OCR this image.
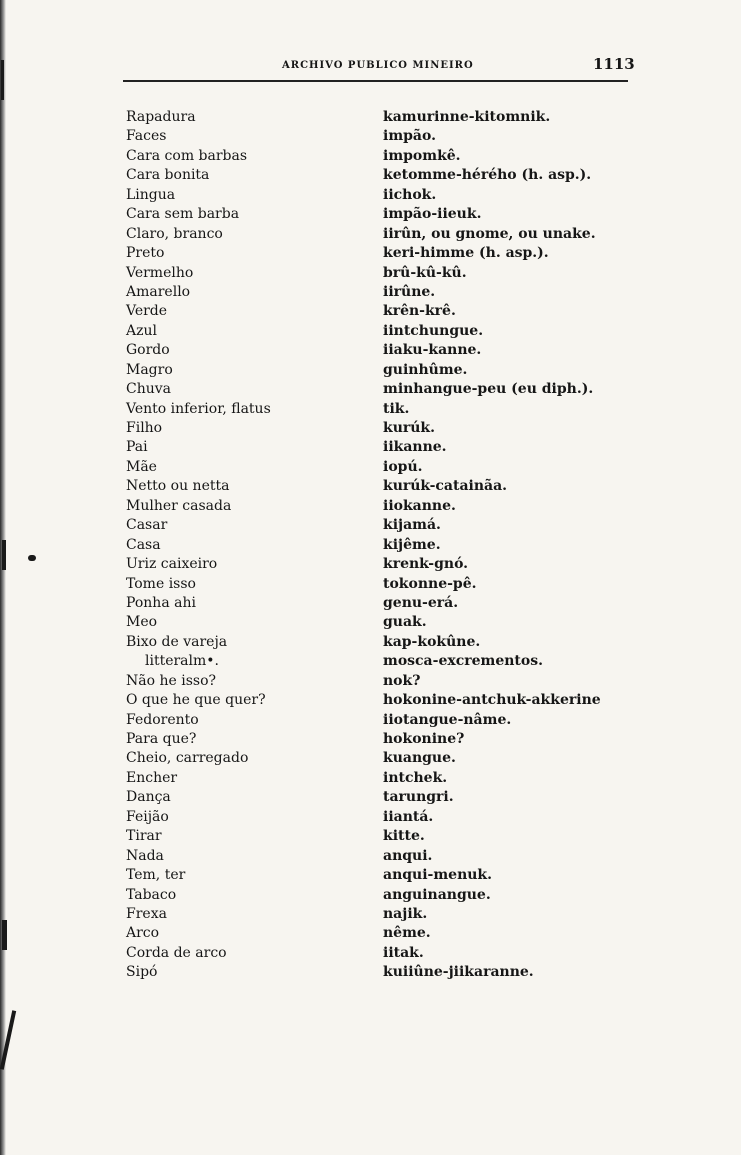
ARCHIVO PUBLICO MINEIRO	1113
Rapadura	kamurinne-kitomnik.
Faces	impão.
Cara com barbas	impomkê.
Cara bonita	ketomme-hérého (h. asp.).
Lingua	iichok.
Cara sem barba	impão-iieuk.
Claro, branco	iirûn, ou gnome, ou unake.
Preto	keri-himme (h. asp.).
Vermelho	brû-kû-kû.
Amarello	iirûne.
Verde	krên-krê.
Azul	iintchungue.
Gordo	iiaku-kanne.
Magro	guinhûme.
Chuva	minhangue-peu (eu diph.).
Vento inferior, flatus	tik.
Filho	kurúk.
Pai	iikanne.
Mãe	iopú.
Netto ou netta	kurúk-catainãa.
Mulher casada	iiokanne.
Casar	kijamá.
Casa	kijême.
Uriz caixeiro	krenk-gnó.
Tome isso	tokonne-pê.
Ponha ahi	genu-erá.
Meo	guak.
Bixo de vareja	kap-kokûne.
litteralm•.	mosca-excrementos.
Não he isso?	nok?
O que he que quer?	hokonine-antchuk-akkerine
Fedorento	iiotangue-nâme.
Para que?	hokonine?
Cheio, carregado	kuangue.
Encher	intchek.
Dança	tarungri.
Feijão	iiantá.
Tirar	kitte.
Nada	anqui.
Tem, ter	anqui-menuk.
Tabaco	anguinangue.
Frexa	najik.
Arco	nême.
Corda de arco	iitak.
Sipó	kuiiûne-jiikaranne.
